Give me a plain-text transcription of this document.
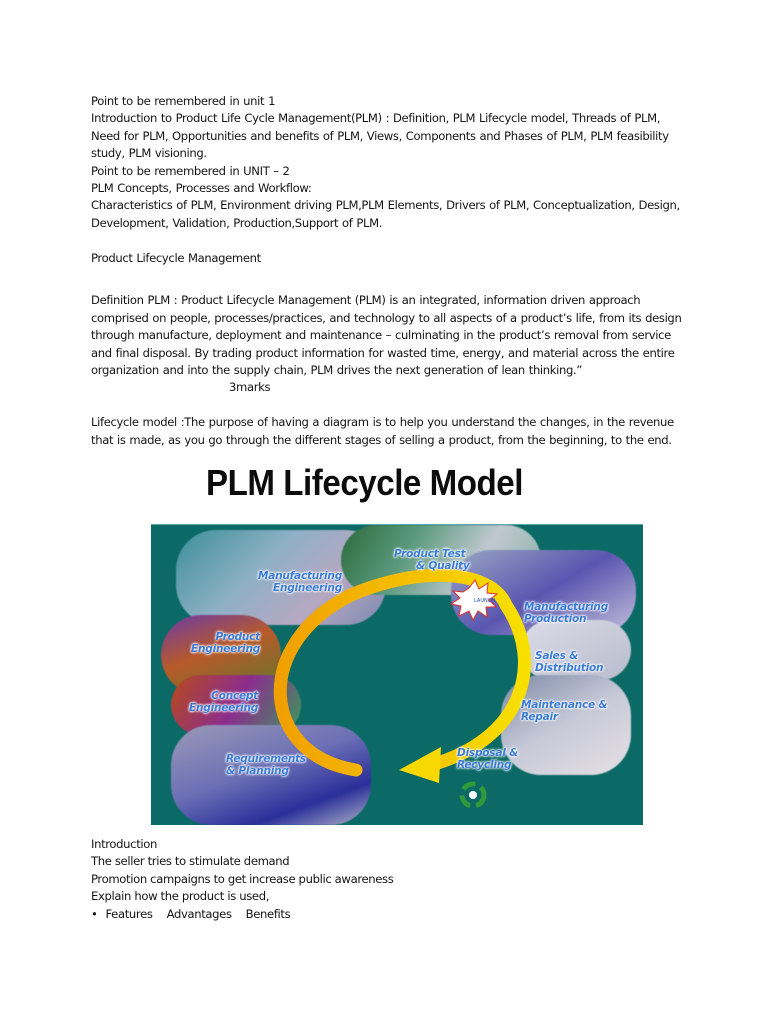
Point to be remembered in unit 1

Introduction to Product Life Cycle Management(PLM) : Definition, PLM Lifecycle model, Threads of PLM, Need for PLM, Opportunities and benefits of PLM, Views, Components and Phases of PLM, PLM feasibility study, PLM visioning.

Point to be remembered in UNIT – 2

PLM Concepts, Processes and Workflow:

Characteristics of PLM, Environment driving PLM,PLM Elements, Drivers of PLM, Conceptualization, Design, Development, Validation, Production,Support of PLM.

Product Lifecycle Management

Definition PLM : Product Lifecycle Management (PLM) is an integrated, information driven approach comprised on people, processes/practices, and technology to all aspects of a product’s life, from its design through manufacture, deployment and maintenance – culminating in the product’s removal from service and final disposal. By trading product information for wasted time, energy, and material across the entire organization and into the supply chain, PLM drives the next generation of lean thinking.”

3marks

Lifecycle model :The purpose of having a diagram is to help you understand the changes, in the revenue that is made, as you go through the different stages of selling a product, from the beginning, to the end.

PLM Lifecycle Model
LAUNCH
Manufacturing
Engineering
Product Test
& Quality
Manufacturing
Production
Sales &
Distribution
Maintenance &
Repair
Disposal &
Recycling
Requirements
& Planning
Concept
Engineering
Product
Engineering

Introduction

The seller tries to stimulate demand

Promotion campaigns to get increase public awareness

Explain how the product is used,

• Features Advantages Benefits
